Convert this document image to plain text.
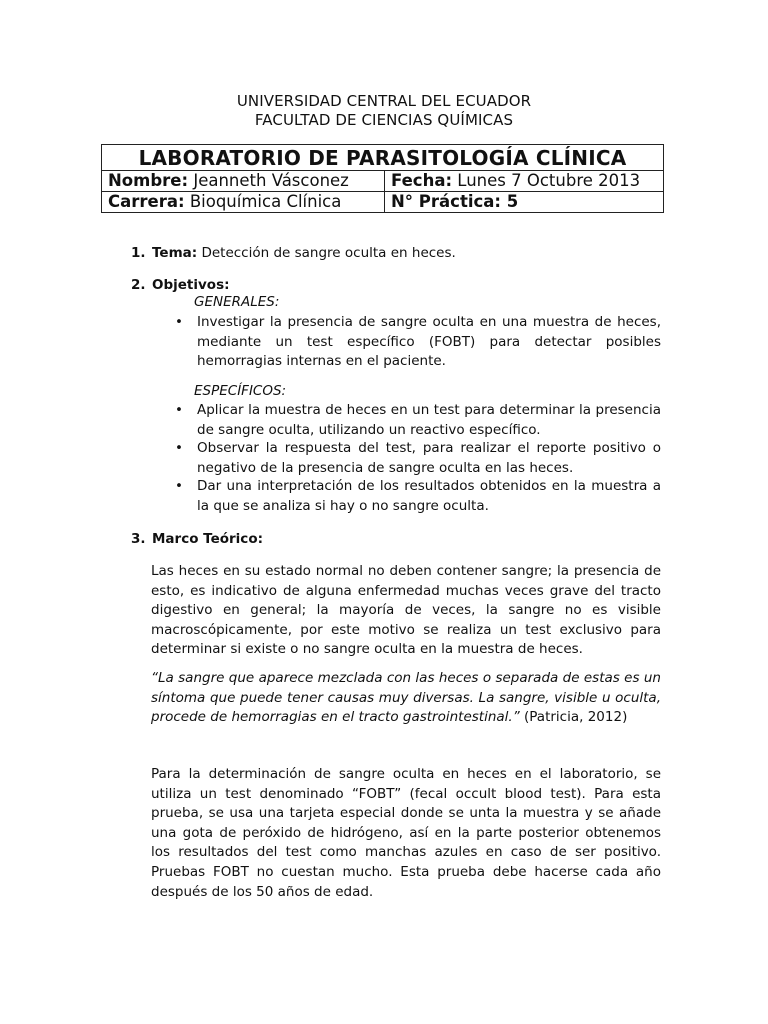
UNIVERSIDAD CENTRAL DEL ECUADOR
FACULTAD DE CIENCIAS QUÍMICAS
LABORATORIO DE PARASITOLOGÍA CLÍNICA	
Nombre: Jeanneth Vásconez	Fecha: Lunes 7 Octubre 2013
Carrera: Bioquímica Clínica	N° Práctica: 5
1. Tema: Detección de sangre oculta en heces.
2. Objetivos:
GENERALES:
• Investigar la presencia de sangre oculta en una muestra de heces, mediante un test específico (FOBT) para detectar posibles hemorragias internas en el paciente.
ESPECÍFICOS:
• Aplicar la muestra de heces en un test para determinar la presencia de sangre oculta, utilizando un reactivo específico.
• Observar la respuesta del test, para realizar el reporte positivo o negativo de la presencia de sangre oculta en las heces.
• Dar una interpretación de los resultados obtenidos en la muestra a la que se analiza si hay o no sangre oculta.
3. Marco Teórico:
Las heces en su estado normal no deben contener sangre; la presencia de esto, es indicativo de alguna enfermedad muchas veces grave del tracto digestivo en general; la mayoría de veces, la sangre no es visible macroscópicamente, por este motivo se realiza un test exclusivo para determinar si existe o no sangre oculta en la muestra de heces.
“La sangre que aparece mezclada con las heces o separada de estas es un síntoma que puede tener causas muy diversas. La sangre, visible u oculta, procede de hemorragias en el tracto gastrointestinal.” (Patricia, 2012)
Para la determinación de sangre oculta en heces en el laboratorio, se utiliza un test denominado “FOBT” (fecal occult blood test). Para esta prueba, se usa una tarjeta especial donde se unta la muestra y se añade una gota de peróxido de hidrógeno, así en la parte posterior obtenemos los resultados del test como manchas azules en caso de ser positivo. Pruebas FOBT no cuestan mucho. Esta prueba debe hacerse cada año después de los 50 años de edad.
